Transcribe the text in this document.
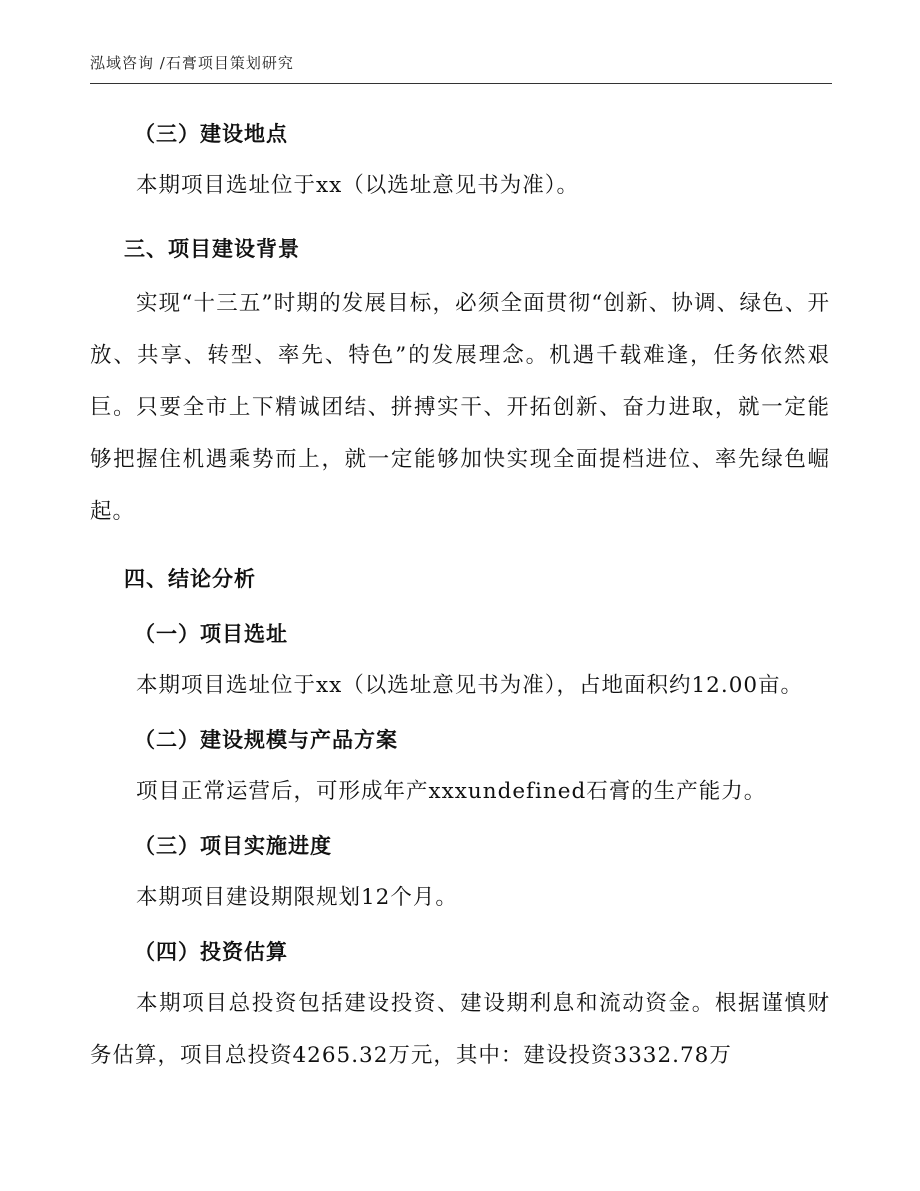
泓域咨询 /石膏项目策划研究
（三）建设地点
本期项目选址位于xx（以选址意见书为准）。
三、项目建设背景
实现“十三五”时期的发展目标，必须全面贯彻“创新、协调、绿色、开放、共享、转型、率先、特色”的发展理念。机遇千载难逢，任务依然艰巨。只要全市上下精诚团结、拼搏实干、开拓创新、奋力进取，就一定能够把握住机遇乘势而上，就一定能够加快实现全面提档进位、率先绿色崛起。
四、结论分析
（一）项目选址
本期项目选址位于xx（以选址意见书为准），占地面积约12.00亩。
（二）建设规模与产品方案
项目正常运营后，可形成年产xxxundefined石膏的生产能力。
（三）项目实施进度
本期项目建设期限规划12个月。
（四）投资估算
本期项目总投资包括建设投资、建设期利息和流动资金。根据谨慎财务估算，项目总投资4265.32万元，其中：建设投资3332.78万
